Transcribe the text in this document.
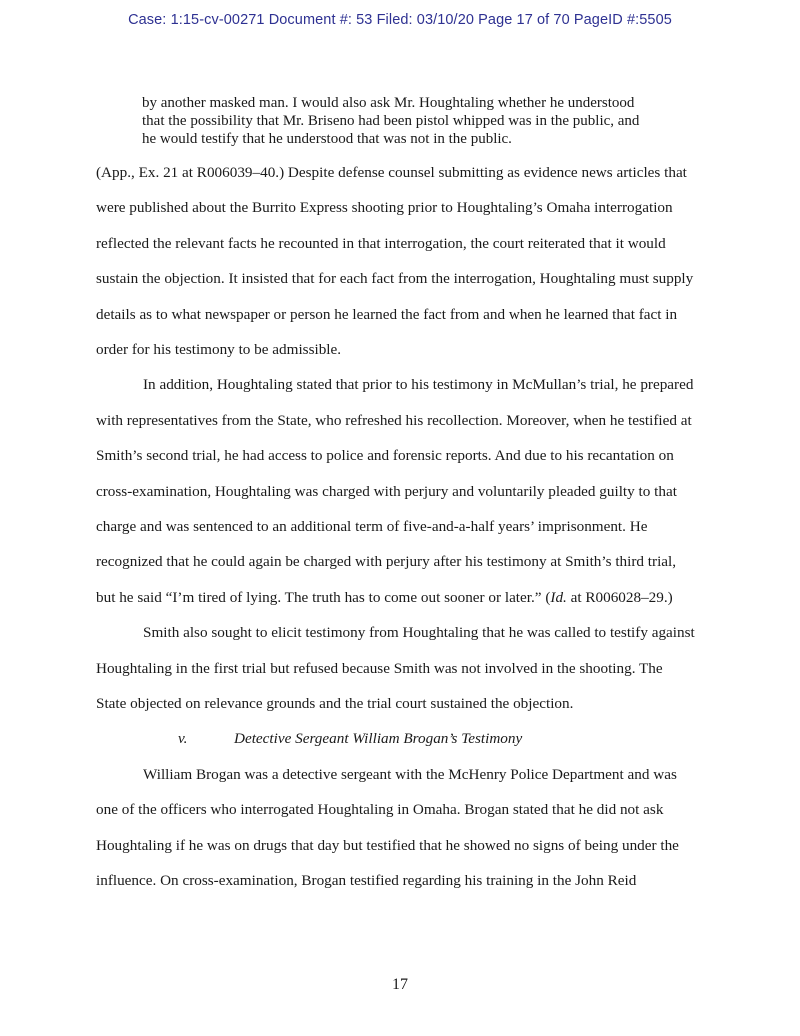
Case: 1:15-cv-00271 Document #: 53 Filed: 03/10/20 Page 17 of 70 PageID #:5505
by another masked man. I would also ask Mr. Houghtaling whether he understood
that the possibility that Mr. Briseno had been pistol whipped was in the public, and
he would testify that he understood that was not in the public.
(App., Ex. 21 at R006039–40.) Despite defense counsel submitting as evidence news articles that
were published about the Burrito Express shooting prior to Houghtaling’s Omaha interrogation
reflected the relevant facts he recounted in that interrogation, the court reiterated that it would
sustain the objection. It insisted that for each fact from the interrogation, Houghtaling must supply
details as to what newspaper or person he learned the fact from and when he learned that fact in
order for his testimony to be admissible.
In addition, Houghtaling stated that prior to his testimony in McMullan’s trial, he prepared
with representatives from the State, who refreshed his recollection. Moreover, when he testified at
Smith’s second trial, he had access to police and forensic reports. And due to his recantation on
cross-examination, Houghtaling was charged with perjury and voluntarily pleaded guilty to that
charge and was sentenced to an additional term of five-and-a-half years’ imprisonment. He
recognized that he could again be charged with perjury after his testimony at Smith’s third trial,
but he said “I’m tired of lying. The truth has to come out sooner or later.” (Id. at R006028–29.)
Smith also sought to elicit testimony from Houghtaling that he was called to testify against
Houghtaling in the first trial but refused because Smith was not involved in the shooting. The
State objected on relevance grounds and the trial court sustained the objection.
v.	Detective Sergeant William Brogan’s Testimony
William Brogan was a detective sergeant with the McHenry Police Department and was
one of the officers who interrogated Houghtaling in Omaha. Brogan stated that he did not ask
Houghtaling if he was on drugs that day but testified that he showed no signs of being under the
influence. On cross-examination, Brogan testified regarding his training in the John Reid
17
